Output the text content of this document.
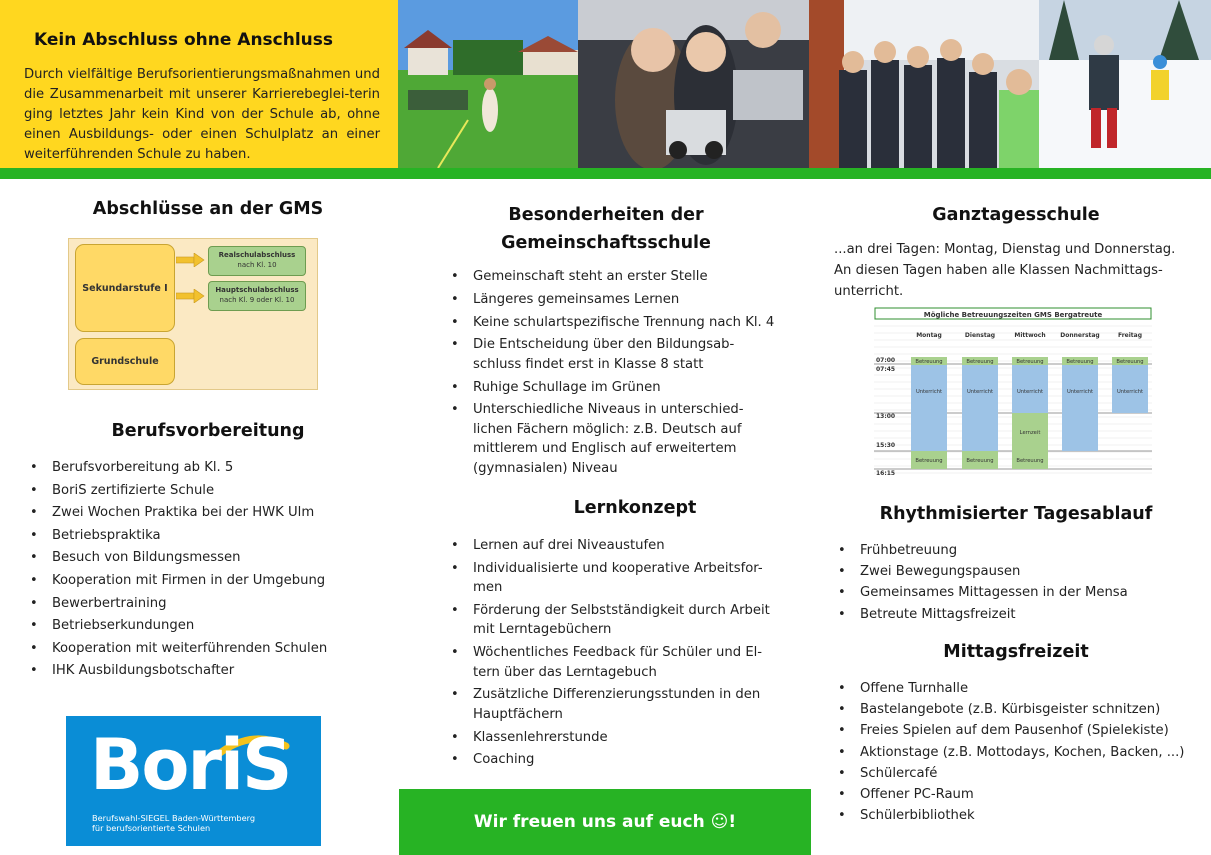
Kein Abschluss ohne Anschluss
Durch vielfältige Berufsorientierungsmaßnahmen und die Zusammenarbeit mit unserer Karrierebeglei-terin ging letztes Jahr kein Kind von der Schule ab, ohne einen Ausbildungs- oder einen Schulplatz an einer weiterführenden Schule zu haben.
Abschlüsse an der GMS
Sekundarstufe I
Grundschule
Realschulabschluss
nach Kl. 10
Hauptschulabschluss
nach Kl. 9 oder Kl. 10
Berufsvorbereitung
• Berufsvorbereitung ab Kl. 5
• BoriS zertifizierte Schule
• Zwei Wochen Praktika bei der HWK Ulm
• Betriebspraktika
• Besuch von Bildungsmessen
• Kooperation mit Firmen in der Umgebung
• Bewerbertraining
• Betriebserkundungen
• Kooperation mit weiterführenden Schulen
• IHK Ausbildungsbotschafter
BoriS
Berufswahl-SIEGEL Baden-Württemberg
für berufsorientierte Schulen
Besonderheiten der
Gemeinschaftsschule
• Gemeinschaft steht an erster Stelle
• Längeres gemeinsames Lernen
• Keine schulartspezifische Trennung nach Kl. 4
• Die Entscheidung über den Bildungsab-schluss findet erst in Klasse 8 statt
• Ruhige Schullage im Grünen
• Unterschiedliche Niveaus in unterschied-lichen Fächern möglich: z.B. Deutsch auf mittlerem und Englisch auf erweitertem (gymnasialen) Niveau
Lernkonzept
• Lernen auf drei Niveaustufen
• Individualisierte und kooperative Arbeitsfor-men
• Förderung der Selbstständigkeit durch Arbeit mit Lerntagebüchern
• Wöchentliches Feedback für Schüler und El-tern über das Lerntagebuch
• Zusätzliche Differenzierungsstunden in den Hauptfächern
• Klassenlehrerstunde
• Coaching
Wir freuen uns auf euch ☺!
Ganztagesschule
...an drei Tagen: Montag, Dienstag und Donnerstag. An diesen Tagen haben alle Klassen Nachmittags-unterricht.
Mögliche Betreuungszeiten GMS Bergatreute
Montag	Dienstag	Mittwoch Donnerstag	Freitag
07:00
07:45
13:00
15:30
16:15
Betreuung	Betreuung	Betreuung	Betreuung	Betreuung
Unterricht	Unterricht	Unterricht	Unterricht	Unterricht
Lernzeit
Betreuung	Betreuung	Betreuung
Rhythmisierter Tagesablauf
• Frühbetreuung
• Zwei Bewegungspausen
• Gemeinsames Mittagessen in der Mensa
• Betreute Mittagsfreizeit
Mittagsfreizeit
• Offene Turnhalle
• Bastelangebote (z.B. Kürbisgeister schnitzen)
• Freies Spielen auf dem Pausenhof (Spielekiste)
• Aktionstage (z.B. Mottodays, Kochen, Backen, ...)
• Schülercafé
• Offener PC-Raum
• Schülerbibliothek
